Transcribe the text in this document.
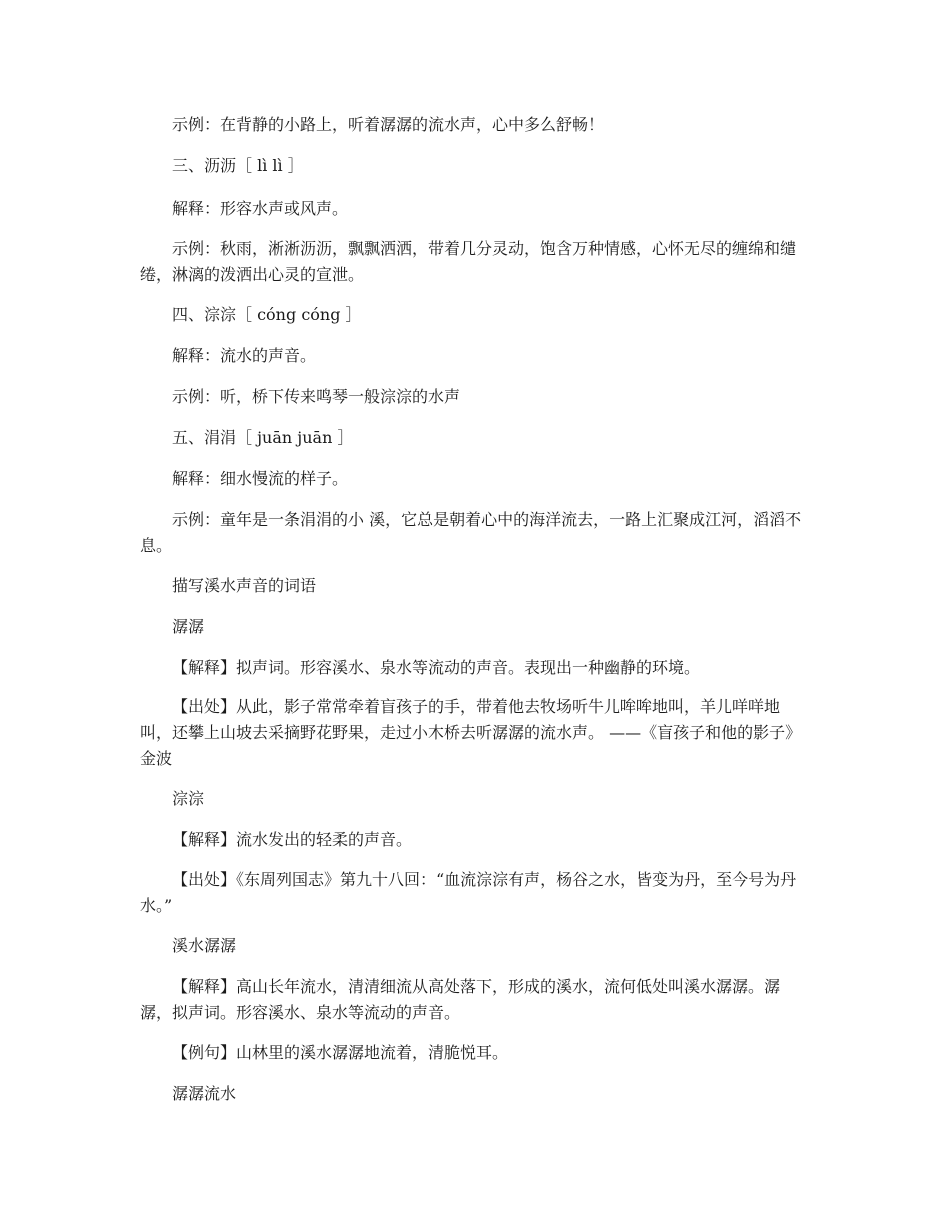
示例：在背静的小路上，听着潺潺的流水声，心中多么舒畅！

三、沥沥［ lì lì ］

解释：形容水声或风声。

示例：秋雨，淅淅沥沥，飘飘洒洒，带着几分灵动，饱含万种情感，心怀无尽的缠绵和缱绻，淋漓的泼洒出心灵的宣泄。

四、淙淙［ cóng cóng ］

解释：流水的声音。

示例：听，桥下传来鸣琴一般淙淙的水声

五、涓涓［ juān juān ］

解释：细水慢流的样子。

示例：童年是一条涓涓的小 溪，它总是朝着心中的海洋流去，一路上汇聚成江河，滔滔不息。

描写溪水声音的词语

潺潺

【解释】拟声词。形容溪水、泉水等流动的声音。表现出一种幽静的环境。

【出处】从此，影子常常牵着盲孩子的手，带着他去牧场听牛儿哞哞地叫，羊儿咩咩地叫，还攀上山坡去采摘野花野果，走过小木桥去听潺潺的流水声。 ——《盲孩子和他的影子》金波

淙淙

【解释】流水发出的轻柔的声音。

【出处】《东周列国志》第九十八回：“血流淙淙有声，杨谷之水，皆变为丹，至今号为丹水。”

溪水潺潺

【解释】高山长年流水，清清细流从高处落下，形成的溪水，流何低处叫溪水潺潺。潺潺，拟声词。形容溪水、泉水等流动的声音。

【例句】山林里的溪水潺潺地流着，清脆悦耳。

潺潺流水
